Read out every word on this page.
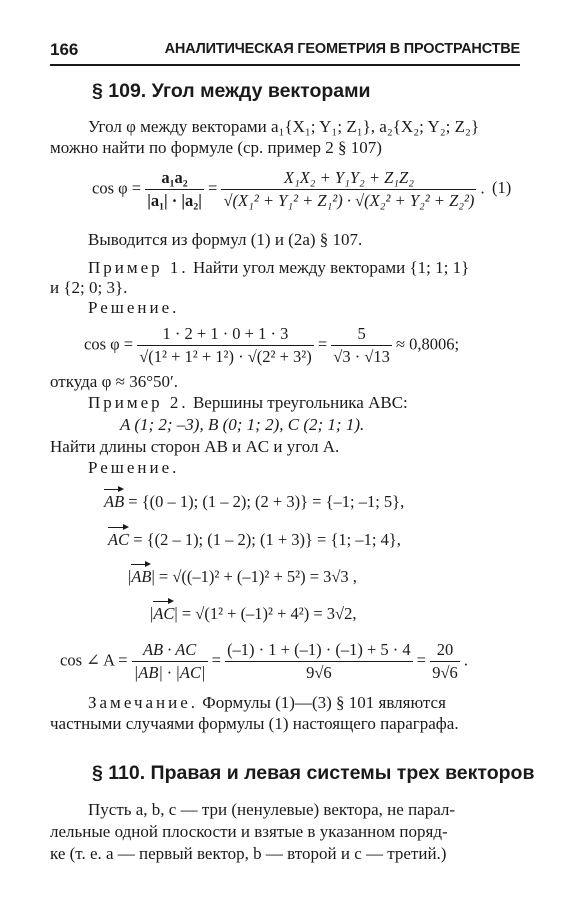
166	АНАЛИТИЧЕСКАЯ ГЕОМЕТРИЯ В ПРОСТРАНСТВЕ
§ 109. Угол между векторами
Угол φ между векторами a₁{X₁; Y₁; Z₁}, a₂{X₂; Y₂; Z₂}
можно найти по формуле (ср. пример 2 § 107)
$\cos \varphi = \frac{\text{a₁a₂}}{\text{|a₁| · |a₂|}} = \frac{\text{X₁X₂ + Y₁Y₂ + Z₁Z₂}}{\text{√(X₁² + Y₁² + Z₁²) · √(X₂² + Y₂² + Z₂²)}}$ . (1)
Выводится из формул (1) и (2а) § 107.
Пример 1. Найти угол между векторами {1; 1; 1}
и {2; 0; 3}.
Решение.
$\cos \varphi = \frac{1 \cdot 2 + 1 \cdot 0 + 1 \cdot 3}{\text{√(1² + 1² + 1²) · √(2² + 3²)}} = \frac{5}{√3 \cdot √13} \approx 0,8006$;
откуда φ ≈ 36°50′.
Пример 2. Вершины треугольника ABC:
A (1; 2; –3), B (0; 1; 2), C (2; 1; 1).
Найти длины сторон AB и AC и угол A.
Решение.
AB = {(0 – 1); (1 – 2); (2 + 3)} = {–1; –1; 5},
AC = {(2 – 1); (1 – 2); (1 + 3)} = {1; –1; 4},
|AB| = √((–1)² + (–1)² + 5²) = 3√3 ,
|AC| = √(1² + (–1)² + 4²) = 3√2,
cos ∠ $A = \frac{AB \cdot AC}{|AB| \cdot |AC|} = \frac{(-1) \cdot 1 + (-1) \cdot (-1) + 5 \cdot 4}{9√6} = \frac{20}{9√6}$ .
Замечание. Формулы (1)—(3) § 101 являются
частными случаями формулы (1) настоящего параграфа.
§ 110. Правая и левая системы трех векторов
Пусть a, b, c — три (ненулевые) вектора, не парал-
лельные одной плоскости и взятые в указанном поряд-
ке (т. е. a — первый вектор, b — второй и c — третий.)
